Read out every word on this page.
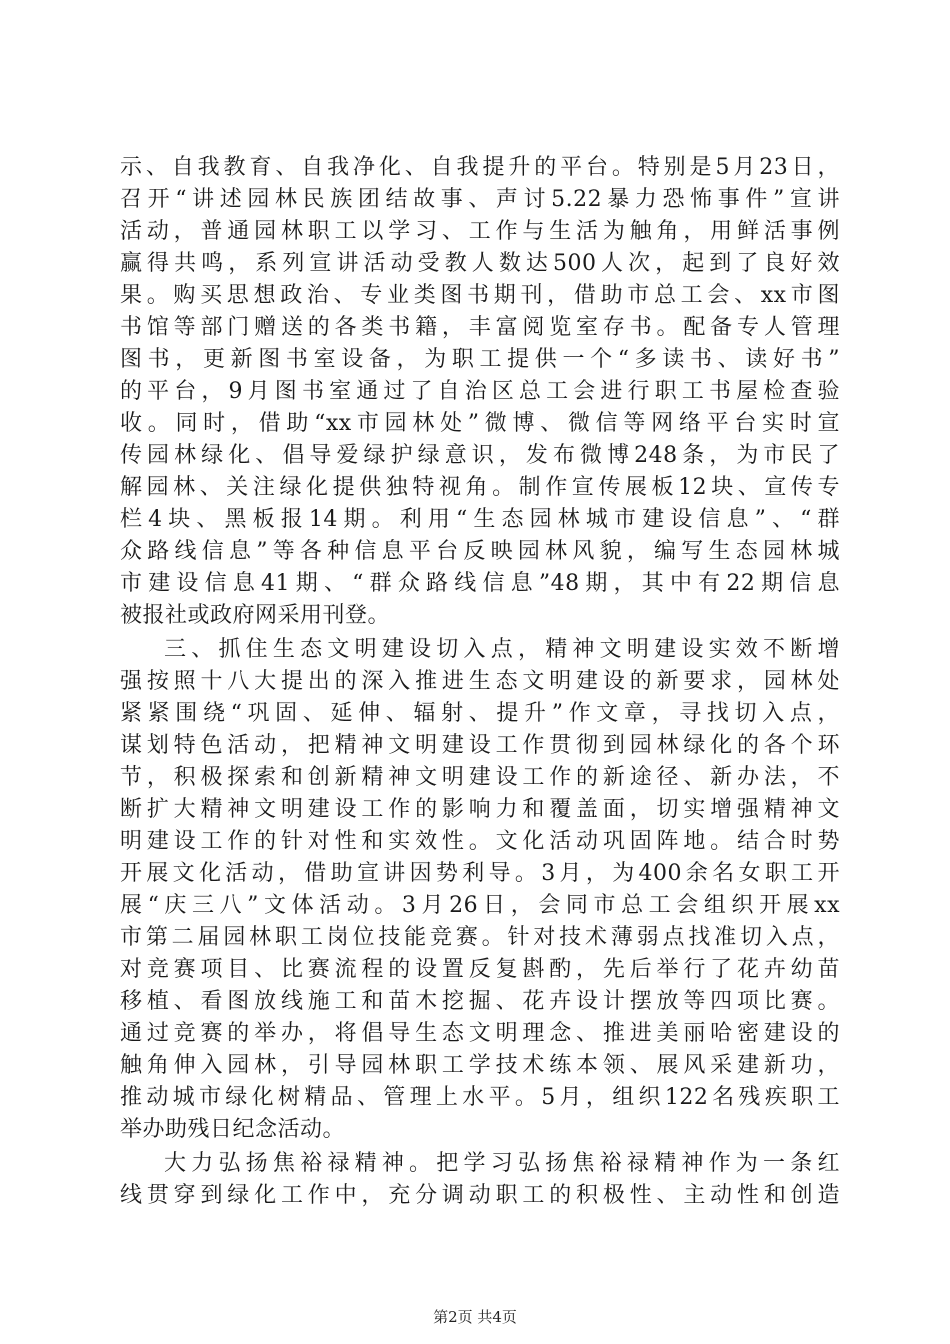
示、自我教育、自我净化、自我提升的平台。特别是5月23日，
召开“讲述园林民族团结故事、声讨5.22暴力恐怖事件”宣讲
活动，普通园林职工以学习、工作与生活为触角，用鲜活事例
赢得共鸣，系列宣讲活动受教人数达500人次，起到了良好效
果。购买思想政治、专业类图书期刊，借助市总工会、xx市图
书馆等部门赠送的各类书籍，丰富阅览室存书。配备专人管理
图书，更新图书室设备，为职工提供一个“多读书、读好书”
的平台，9月图书室通过了自治区总工会进行职工书屋检查验
收。同时，借助“xx市园林处”微博、微信等网络平台实时宣
传园林绿化、倡导爱绿护绿意识，发布微博248条，为市民了
解园林、关注绿化提供独特视角。制作宣传展板12块、宣传专
栏4块、黑板报14期。利用“生态园林城市建设信息”、“群
众路线信息”等各种信息平台反映园林风貌，编写生态园林城
市建设信息41期、“群众路线信息”48期，其中有22期信息
被报社或政府网采用刊登。
三、抓住生态文明建设切入点，精神文明建设实效不断增
强按照十八大提出的深入推进生态文明建设的新要求，园林处
紧紧围绕“巩固、延伸、辐射、提升”作文章，寻找切入点，
谋划特色活动，把精神文明建设工作贯彻到园林绿化的各个环
节，积极探索和创新精神文明建设工作的新途径、新办法，不
断扩大精神文明建设工作的影响力和覆盖面，切实增强精神文
明建设工作的针对性和实效性。文化活动巩固阵地。结合时势
开展文化活动，借助宣讲因势利导。3月，为400余名女职工开
展“庆三八”文体活动。3月26日，会同市总工会组织开展xx
市第二届园林职工岗位技能竞赛。针对技术薄弱点找准切入点，
对竞赛项目、比赛流程的设置反复斟酌，先后举行了花卉幼苗
移植、看图放线施工和苗木挖掘、花卉设计摆放等四项比赛。
通过竞赛的举办，将倡导生态文明理念、推进美丽哈密建设的
触角伸入园林，引导园林职工学技术练本领、展风采建新功，
推动城市绿化树精品、管理上水平。5月，组织122名残疾职工
举办助残日纪念活动。
大力弘扬焦裕禄精神。把学习弘扬焦裕禄精神作为一条红
线贯穿到绿化工作中，充分调动职工的积极性、主动性和创造
第2页 共4页
